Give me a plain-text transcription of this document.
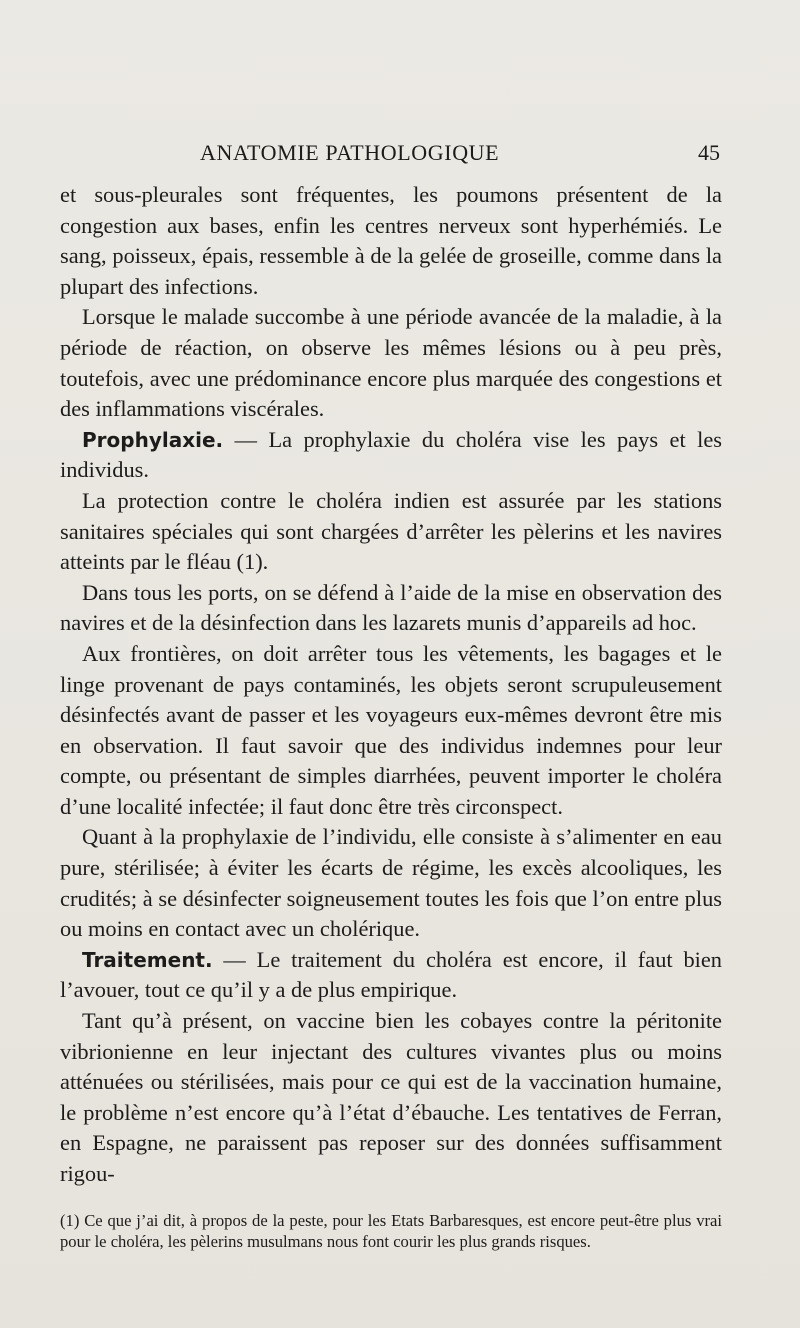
ANATOMIE PATHOLOGIQUE	45

et sous-pleurales sont fréquentes, les poumons présentent de la congestion aux bases, enfin les centres nerveux sont hyperhémiés. Le sang, poisseux, épais, ressemble à de la gelée de groseille, comme dans la plupart des infections.

Lorsque le malade succombe à une période avancée de la maladie, à la période de réaction, on observe les mêmes lésions ou à peu près, toutefois, avec une prédominance encore plus marquée des congestions et des inflammations viscérales.

Prophylaxie. — La prophylaxie du choléra vise les pays et les individus.

La protection contre le choléra indien est assurée par les stations sanitaires spéciales qui sont chargées d’arrêter les pèlerins et les navires atteints par le fléau (1).

Dans tous les ports, on se défend à l’aide de la mise en observation des navires et de la désinfection dans les lazarets munis d’appareils ad hoc.

Aux frontières, on doit arrêter tous les vêtements, les bagages et le linge provenant de pays contaminés, les objets seront scrupuleusement désinfectés avant de passer et les voyageurs eux-mêmes devront être mis en observation. Il faut savoir que des individus indemnes pour leur compte, ou présentant de simples diarrhées, peuvent importer le choléra d’une localité infectée; il faut donc être très circonspect.

Quant à la prophylaxie de l’individu, elle consiste à s’alimenter en eau pure, stérilisée; à éviter les écarts de régime, les excès alcooliques, les crudités; à se désinfecter soigneusement toutes les fois que l’on entre plus ou moins en contact avec un cholérique.

Traitement. — Le traitement du choléra est encore, il faut bien l’avouer, tout ce qu’il y a de plus empirique.

Tant qu’à présent, on vaccine bien les cobayes contre la péritonite vibrionienne en leur injectant des cultures vivantes plus ou moins atténuées ou stérilisées, mais pour ce qui est de la vaccination humaine, le problème n’est encore qu’à l’état d’ébauche. Les tentatives de Ferran, en Espagne, ne paraissent pas reposer sur des données suffisamment rigou-

(1) Ce que j’ai dit, à propos de la peste, pour les Etats Barbaresques, est encore peut-être plus vrai pour le choléra, les pèlerins musulmans nous font courir les plus grands risques.
